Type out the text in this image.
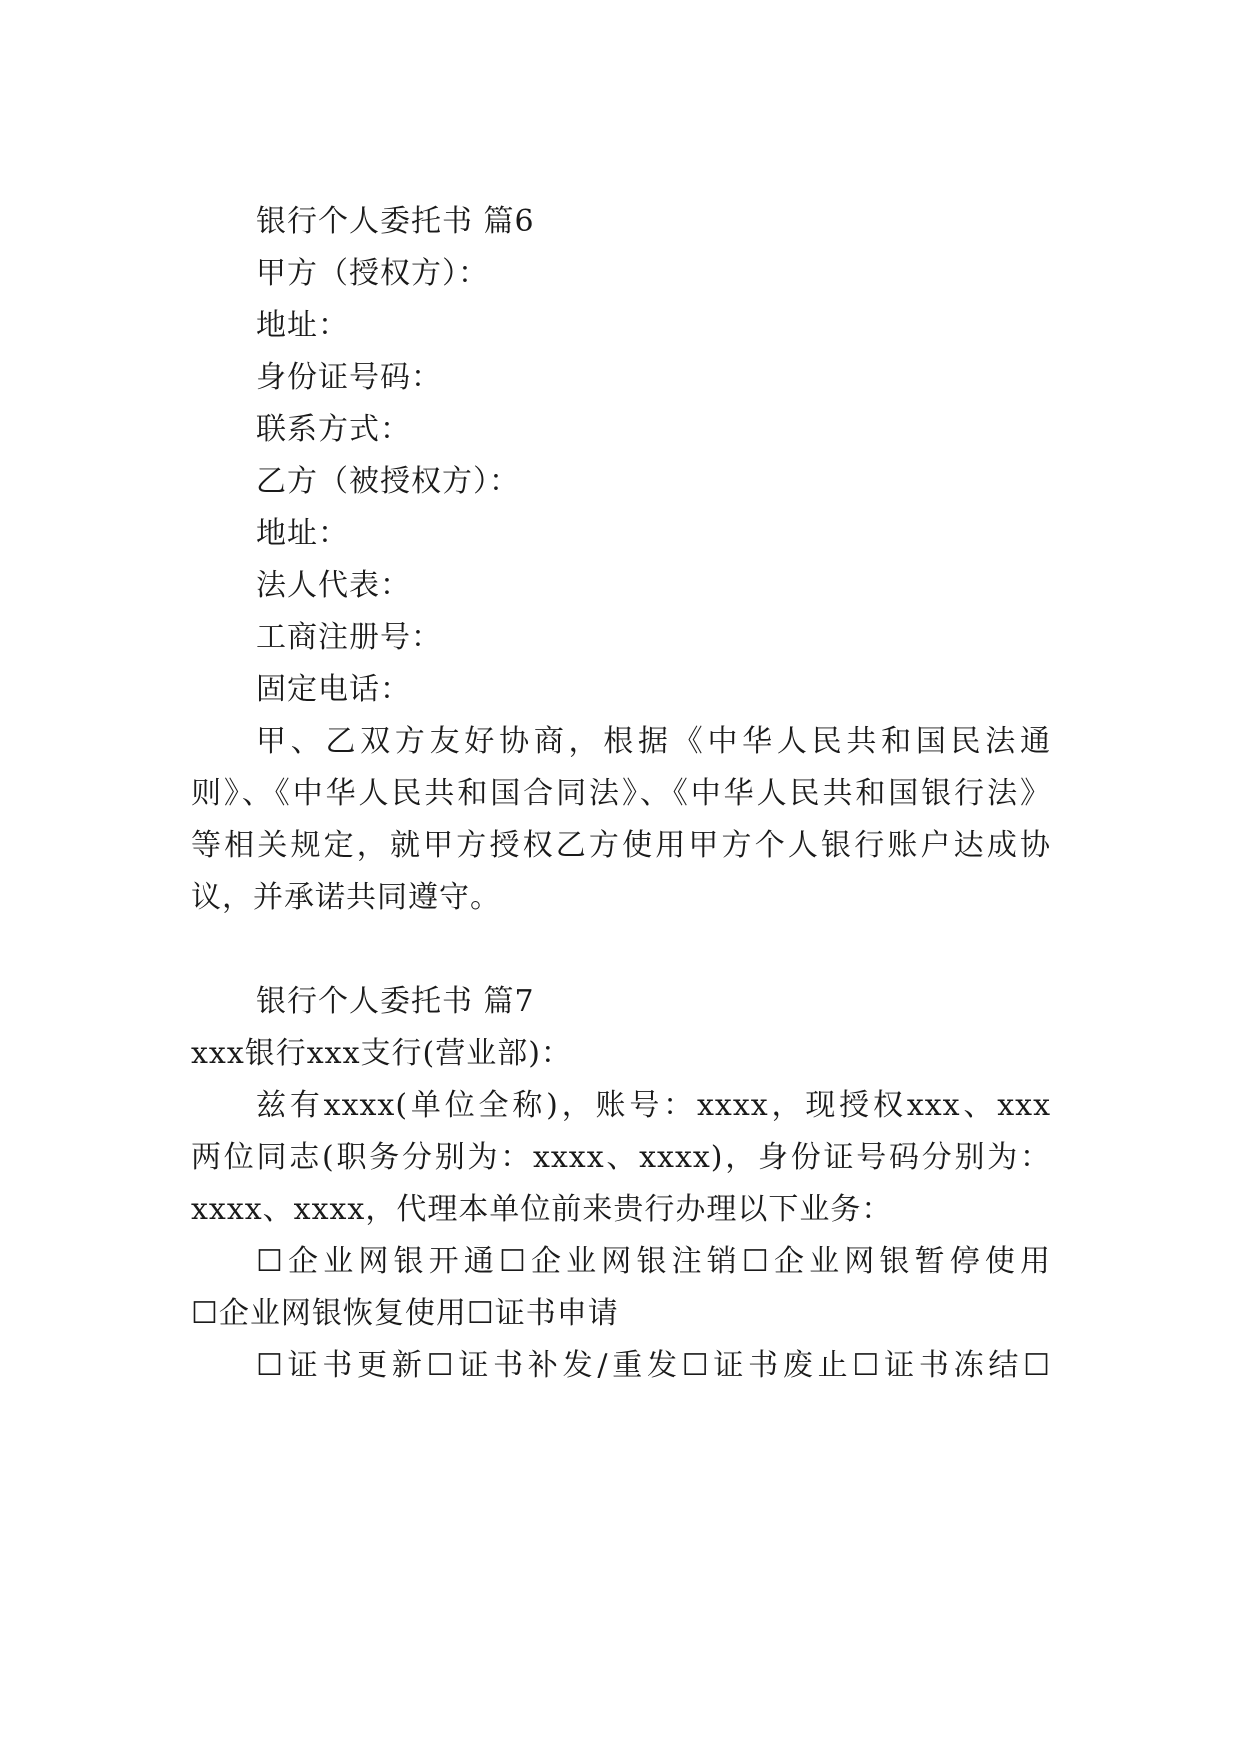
银行个人委托书 篇6
甲方（授权方）：
地址：
身份证号码：
联系方式：
乙方（被授权方）：
地址：
法人代表：
工商注册号：
固定电话：
甲、乙双方友好协商，根据《中华人民共和国民法通
则》、《中华人民共和国合同法》、《中华人民共和国银行法》
等相关规定，就甲方授权乙方使用甲方个人银行账户达成协
议，并承诺共同遵守。
银行个人委托书 篇7
xxx银行xxx支行(营业部)：
兹有xxxx(单位全称)，账号：xxxx，现授权xxx、xxx
两位同志(职务分别为：xxxx、xxxx)，身份证号码分别为：
xxxx、xxxx，代理本单位前来贵行办理以下业务：
☐企业网银开通☐企业网银注销☐企业网银暂停使用
☐企业网银恢复使用☐证书申请
☐证书更新☐证书补发/重发☐证书废止☐证书冻结☐
